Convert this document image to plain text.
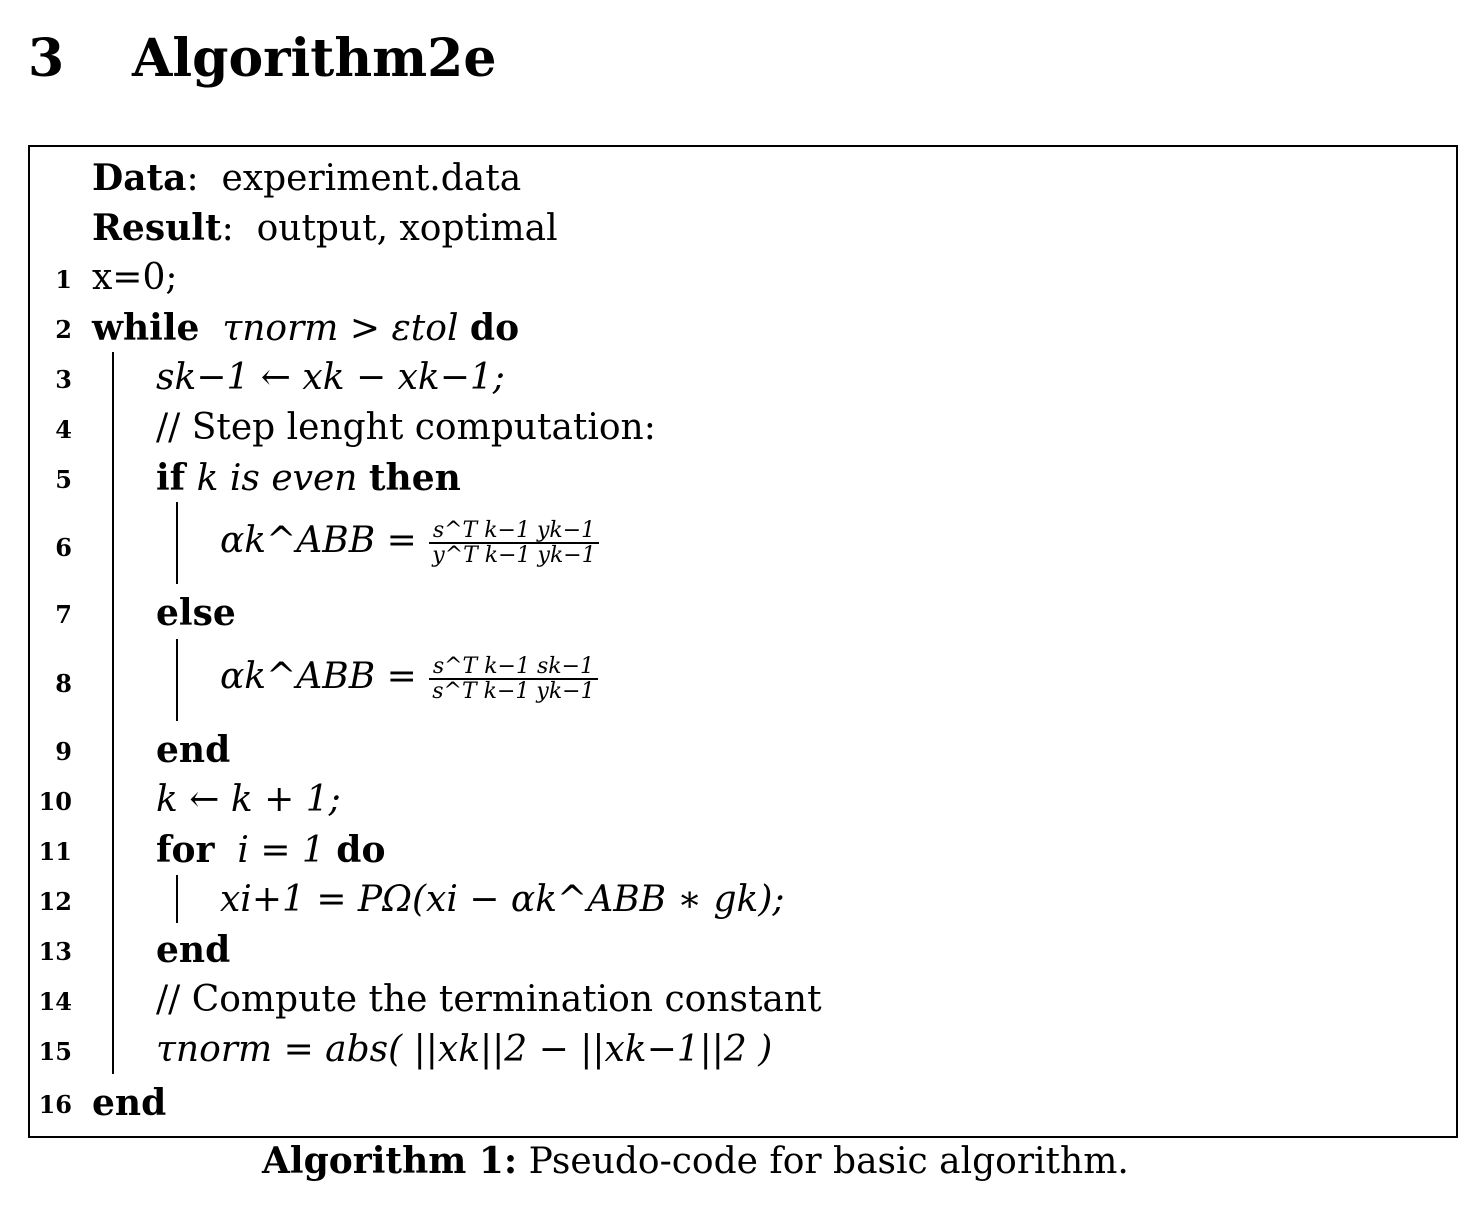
3 Algorithm2e
Data:  experiment.data
Result:  output, xoptimal
1 x=0;
2 while τnorm > εtol do
3 sk−1 ← xk − xk−1;
4 // Step lenght computation:
5 if k is even then
6	αk^ABB = $\frac{\text{s\textasciicircum{}T k−1 yk−1}}{\text{y\textasciicircum{}T k−1 yk−1}}$
7 else
8	αk^ABB = $\frac{\text{s\textasciicircum{}T k−1 sk−1}}{\text{s\textasciicircum{}T k−1 yk−1}}$
9 end
10 k ← k + 1;
11 for i = 1 do
12	xi+1 = PΩ(xi − αk^ABB ∗ gk);
13 end
14 // Compute the termination constant
15 τnorm = abs( ||xk||2 − ||xk−1||2 )
16 end
Algorithm 1: Pseudo-code for basic algorithm.
